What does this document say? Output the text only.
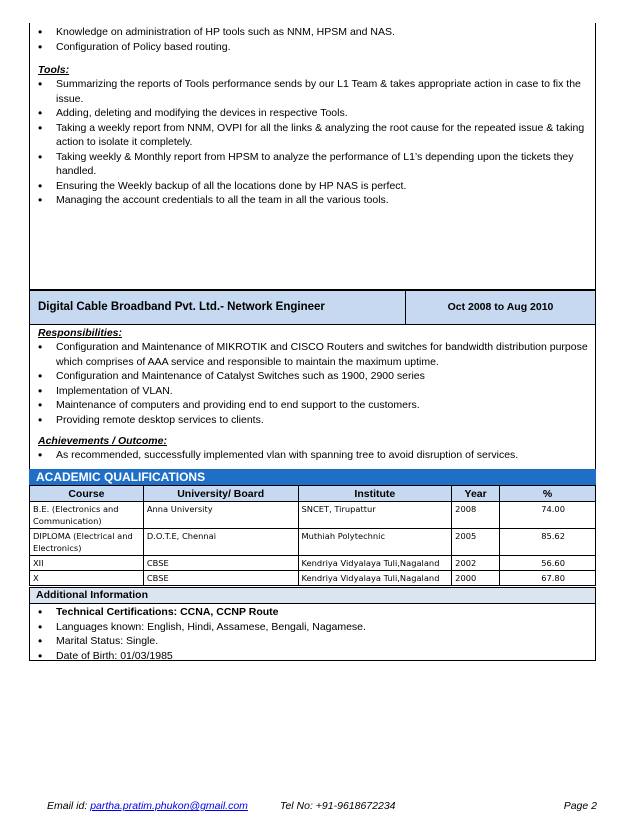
• Knowledge on administration of HP tools such as NNM, HPSM and NAS.
• Configuration of Policy based routing.
Tools:
• Summarizing the reports of Tools performance sends by our L1 Team & takes appropriate action in case to fix the issue.
• Adding, deleting and modifying the devices in respective Tools.
• Taking a weekly report from NNM, OVPI for all the links & analyzing the root cause for the repeated issue & taking action to isolate it completely.
• Taking weekly & Monthly report from HPSM to analyze the performance of L1’s depending upon the tickets they handled.
• Ensuring the Weekly backup of all the locations done by HP NAS is perfect.
• Managing the account credentials to all the team in all the various tools.
Digital Cable Broadband Pvt. Ltd.- Network Engineer	Oct 2008 to Aug 2010
Responsibilities:
• Configuration and Maintenance of MIKROTIK and CISCO Routers and switches for bandwidth distribution purpose which comprises of AAA service and responsible to maintain the maximum uptime.
• Configuration and Maintenance of Catalyst Switches such as 1900, 2900 series
• Implementation of VLAN.
• Maintenance of computers and providing end to end support to the customers.
• Providing remote desktop services to clients.
Achievements / Outcome:
• As recommended, successfully implemented vlan with spanning tree to avoid disruption of services.
ACADEMIC QUALIFICATIONS
Course	University/ Board	Institute	Year	%
B.E. (Electronics and Communication)	Anna University	SNCET, Tirupattur	2008	74.00
DIPLOMA (Electrical and Electronics)	D.O.T.E, Chennai	Muthiah Polytechnic	2005	85.62
XII	CBSE	Kendriya Vidyalaya Tuli,Nagaland	2002	56.60
X	CBSE	Kendriya Vidyalaya Tuli,Nagaland	2000	67.80
Additional Information
• Technical Certifications: CCNA, CCNP Route
• Languages known: English, Hindi, Assamese, Bengali, Nagamese.
• Marital Status: Single.
• Date of Birth: 01/03/1985
Email id: partha.pratim.phukon@gmail.com	Tel No: +91-9618672234	Page 2
